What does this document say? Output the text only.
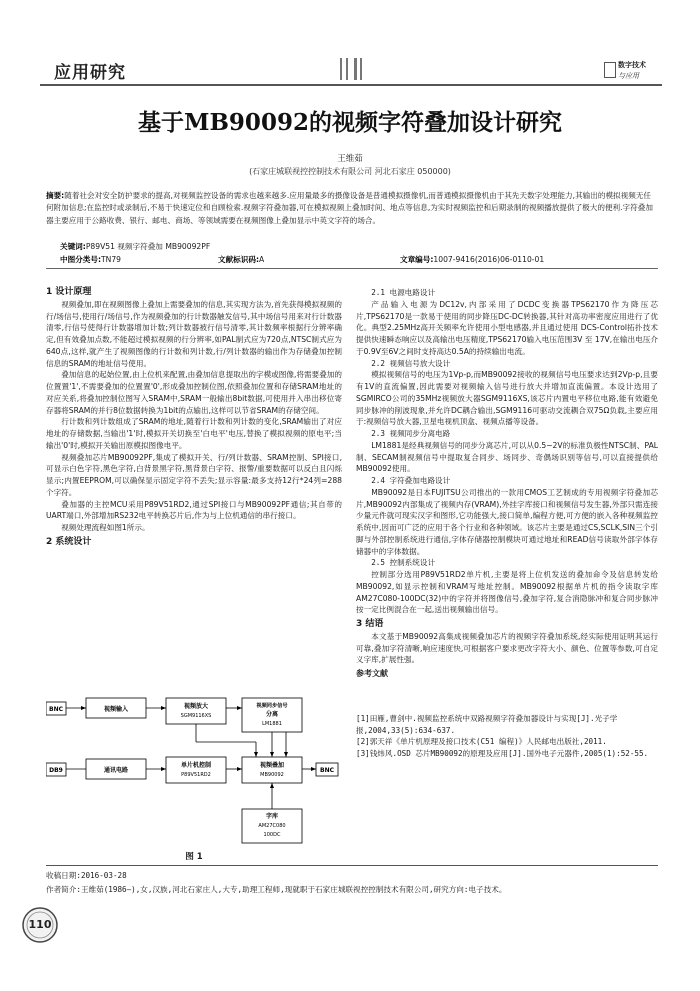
应用研究	数字技术
与应用
基于MB90092的视频字符叠加设计研究
王维茹
(石家庄城联视控控制技术有限公司 河北石家庄 050000)
摘要:随着社会对安全防护要求的提高,对视频监控设备的需求也越来越多.应用量最多的摄像设备是普通模拟摄像机,而普通模拟摄像机由于其先天数字处理能力,其输出的模拟视频无任何附加信息;在监控时或录制后,不易于快速定位和自顾检索.视频字符叠加器,可在模拟视频上叠加时间、地点等信息,为实时视频监控和后期录制的视频播放提供了极大的便利.字符叠加器主要应用于公路收费、银行、邮电、商场、等领域需要在视频图像上叠加显示中英文字符的场合。
关键词:P89V51 视频字符叠加 MB90092PF
中图分类号:TN79	文献标识码:A	文章编号:1007-9416(2016)06-0110-01
1 设计原理

视频叠加,即在视频图像上叠加上需要叠加的信息,其实现方法为,首先获得模拟视频的行/场信号,使用行/场信号,作为视频叠加的行计数器触发信号,其中场信号用来对行计数器清零,行信号使得行计数器增加计数;列计数器被行信号清零,其计数频率根据行分辨率确定,但有效叠加点数,不能超过模拟视频的行分辨率,如PAL制式应为720点,NTSC制式应为640点,这样,就产生了视频图像的行计数和列计数,行/列计数器的输出作为存储叠加控制信息的SRAM的地址信号使用。

叠加信息的起始位置,由上位机来配置,由叠加信息提取出的字模或图像,将需要叠加的位置置'1',不需要叠加的位置置'0',形成叠加控制位图,依照叠加位置和存储SRAM地址的对应关系,将叠加控制位图写入SRAM中,SRAM一般输出8bit数据,可使用并入串出移位寄存器将SRAM的并行8位数据转换为1bit的点输出,这样可以节省SRAM的存储空间。

行计数和列计数组成了SRAM的地址,随着行计数和列计数的变化,SRAM输出了对应地址的存储数据,当输出'1'时,模拟开关切换至'白电平'电压,替换了模拟视频的原电平;当输出'0'时,模拟开关输出原模拟图像电平。

视频叠加芯片MB90092PF,集成了模拟开关、行/列计数器、SRAM控制、SPI接口,可显示白色字符,黑色字符,白背景黑字符,黑背景白字符、报警/重要数据可以反白且闪烁显示;内置EEPROM,可以确保显示固定字符不丢失;显示容量:最多支持12行*24列=288个字符。

叠加器的主控MCU采用P89V51RD2,通过SPI接口与MB90092PF通信;其自带的UART端口,外部增加RS232电平转换芯片后,作为与上位机通信的串行接口。

视频处理流程如图1所示。

2 系统设计
BNC	视频输入	视频放大
SGM9116XS
视频同步信号
分离
LM1881
DB9	通讯电路
单片机控制
P89V51RD2
视频叠加
MB90092
BNC
字库
AM27C080
100DC
图 1
2.1 电源电路设计

产品输入电源为DC12v,内部采用了DCDC变换器TPS62170作为降压芯片,TPS62170是一款易于使用的同步降压DC-DC转换器,其针对高功率密度应用进行了优化。典型2.25MHz高开关频率允许使用小型电感器,并且通过使用 DCS-Control拓扑技术提供快速瞬态响应以及高输出电压精度,TPS62170输入电压范围3V 至 17V,在输出电压介于0.9V至6V之间时支持高达0.5A的持续输出电流。

2.2 视频信号放大设计

模拟视频信号的电压为1Vp-p,而MB90092接收的视频信号电压要求达到2Vp-p,且要有1V的直流偏置,因此需要对视频输入信号进行放大并增加直流偏置。本设计选用了SGMIRCO公司的35MHz视频放大器SGM9116XS,该芯片内置电平移位电路,能有效避免同步脉冲的削波现象,并允许DC耦合输出,SGM9116可驱动交流耦合双75Ω负载,主要应用于:视频信号放大器,卫星电视机顶盒、视频点播等设备。

2.3 视频同步分离电路

LM1881是经典视频信号的同步分离芯片,可以从0.5~2V的标准负极性NTSC制、PAL制、SECAM制视频信号中提取复合同步、场同步、奇偶场识别等信号,可以直接提供给MB90092使用。

2.4 字符叠加电路设计

MB90092是日本FUJITSU公司推出的一款用CMOS工艺制成的专用视频字符叠加芯片,MB90092内部集成了视频内存(VRAM),外挂字库接口和视频信号发生器,外部只需连接少量元件就可现实汉字和图形,它功能强大,接口简单,编程方便,可方便的嵌入各种视频监控系统中,因而可广泛的应用于各个行业和各种领域。该芯片主要是通过CS,SCLK,SIN三个引脚与外部控制系统进行通信,字体存储器控制模块可通过地址和READ信号读取外部字体存储器中的字体数据。

2.5 控制系统设计

控制部分选用P89V51RD2单片机,主要是将上位机发送的叠加命令及信息转发给MB90092,如显示控制和VRAM写地址控制。MB90092根据单片机的指令读取字库AM27C080-100DC(32)中的字符并将图像信号,叠加字符,复合消隐脉冲和复合同步脉冲按一定比例混合在一起,送出视频输出信号。

3 结语

本文基于MB90092高集成视频叠加芯片的视频字符叠加系统,经实际使用证明其运行可靠,叠加字符清晰,响应速度快,可根据客户要求更改字符大小、颜色、位置等参数,可自定义字库,扩展性强。

参考文献
[1]田雁,曹剑中.视频监控系统中双路视频字符叠加器设计与实现[J].光子学报,2004,33(5):634-637.
[2]郭天祥《单片机原理及接口技术(C51 编程)》人民邮电出版社,2011.
[3]钱炜风.OSD 芯片MB90092的原理及应用[J].国外电子元器件,2005(1):52-55.
收稿日期:2016-03-28
作者简介:王维茹(1986—),女,汉族,河北石家庄人,大专,助理工程师,现就职于石家庄城联视控控制技术有限公司,研究方向:电子技术。
110
